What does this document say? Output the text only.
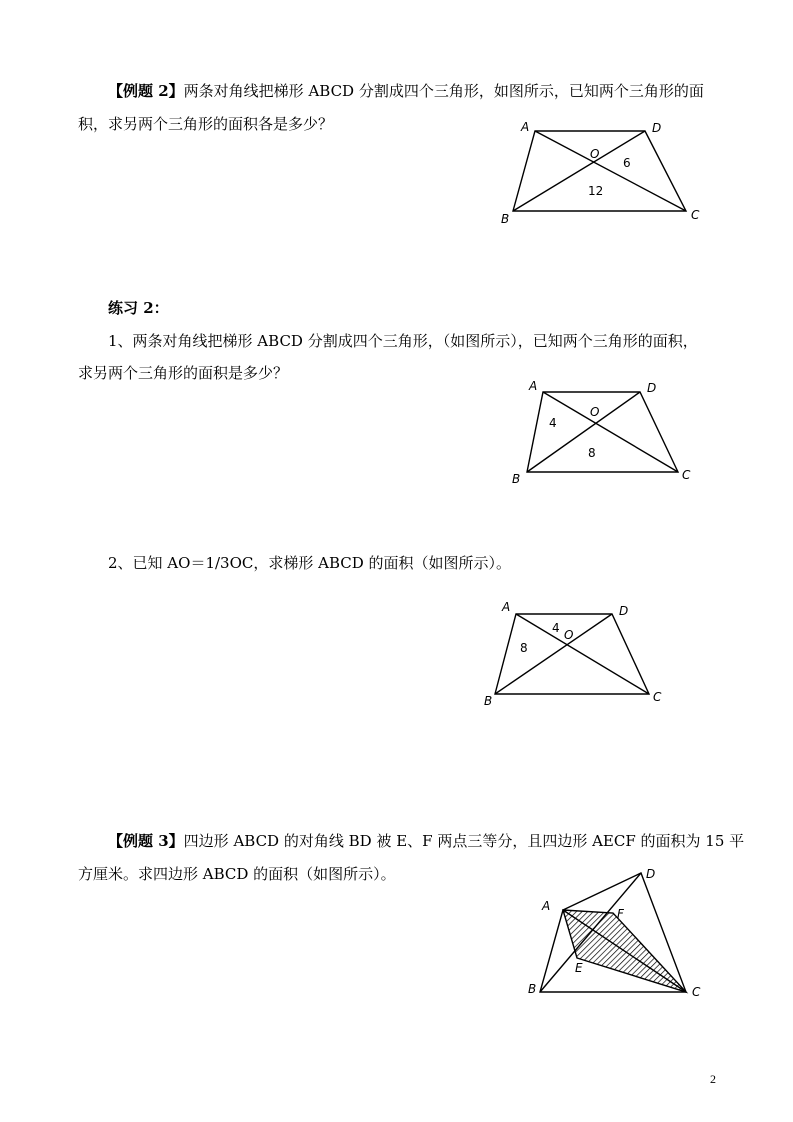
【例题 2】两条对角线把梯形 ABCD 分割成四个三角形，如图所示，已知两个三角形的面
积，求另两个三角形的面积各是多少？	A	D
B	C
O
6
12
练习 2：
1、两条对角线把梯形 ABCD 分割成四个三角形，（如图所示），已知两个三角形的面积，
求另两个三角形的面积是多少？
A	D
B	C
O
4
8
2、已知 AO＝1/3OC，求梯形 ABCD 的面积（如图所示）。
A	D
B	C
O
4
8
【例题 3】四边形 ABCD 的对角线 BD 被 E、F 两点三等分，且四边形 AECF 的面积为 15 平
方厘米。求四边形 ABCD 的面积（如图所示）。
A
D
B	C
E
F
2
